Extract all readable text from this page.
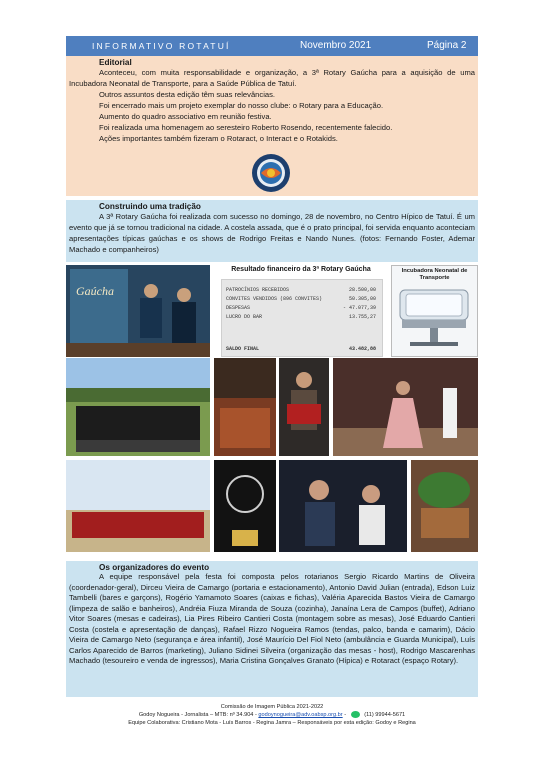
INFORMATIVO ROTATUÍ	Novembro 2021	Página 2
Editorial

Aconteceu, com muita responsabilidade e organização, a 3ª Rotary Gaúcha para a aquisição de uma Incubadora Neonatal de Transporte, para a Saúde Pública de Tatuí.

Outros assuntos desta edição têm suas relevâncias.

Foi encerrado mais um projeto exemplar do nosso clube: o Rotary para a Educação.

Aumento do quadro associativo em reunião festiva.

Foi realizada uma homenagem ao seresteiro Roberto Rosendo, recentemente falecido.

Ações importantes também fizeram o Rotaract, o Interact e o Rotakids.

Construindo uma tradição

A 3ª Rotary Gaúcha foi realizada com sucesso no domingo, 28 de novembro, no Centro Hípico de Tatuí. É um evento que já se tornou tradicional na cidade. A costela assada, que é o prato principal, foi servida enquanto aconteciam apresentações típicas gaúchas e os shows de Rodrigo Freitas e Nando Nunes. (fotos: Fernando Foster, Ademar Machado e companheiros)

Gaúcha
Resultado financeiro da 3ª Rotary Gaúcha
PATROCÍNIOS RECEBIDOS	28.500,00
CONVITES VENDIDOS (896 CONVITES)	50.305,00
DESPESAS	- 47.077,39
LUCRO DO BAR	13.755,27
SALDO FINAL	43.482,88
Incubadora Neonatal de Transporte
Os organizadores do evento

A equipe responsável pela festa foi composta pelos rotarianos Sergio Ricardo Martins de Oliveira (coordenador-geral), Dirceu Vieira de Camargo (portaria e estacionamento), Antonio David Julian (entrada), Edson Luiz Tambelli (bares e garçons), Rogério Yamamoto Soares (caixas e fichas), Valéria Aparecida Bastos Vieira de Camargo (limpeza de salão e banheiros), Andréia Fiuza Miranda de Souza (cozinha), Janaína Lera de Campos (buffet), Adriano Vitor Soares (mesas e cadeiras), Lia Pires Ribeiro Cantieri Costa (montagem sobre as mesas), José Eduardo Cantieri Costa (costela e apresentação de danças), Rafael Rizzo Nogueira Ramos (tendas, palco, banda e camarim), Dácio Vieira de Camargo Neto (segurança e área infantil), José Maurício Del Fiol Neto (ambulância e Guarda Municipal), Luís Carlos Aparecido de Barros (marketing), Juliano Sidinei Silveira (organização das mesas - host), Rodrigo Mascarenhas Machado (tesoureiro e venda de ingressos), Maria Cristina Gonçalves Granato (Hípica) e Rotaract (espaço Rotary).

Comissão de Imagem Pública 2021-2022
Godoy Nogueira - Jornalista – MTB: nº 34.904 - godoynogueira@adv.oabsp.org.br -	(11) 99944-5671
Equipe Colaborativa: Cristiano Mota - Luís Barros - Regina Jamra – Responsáveis por esta edição: Godoy e Regina
